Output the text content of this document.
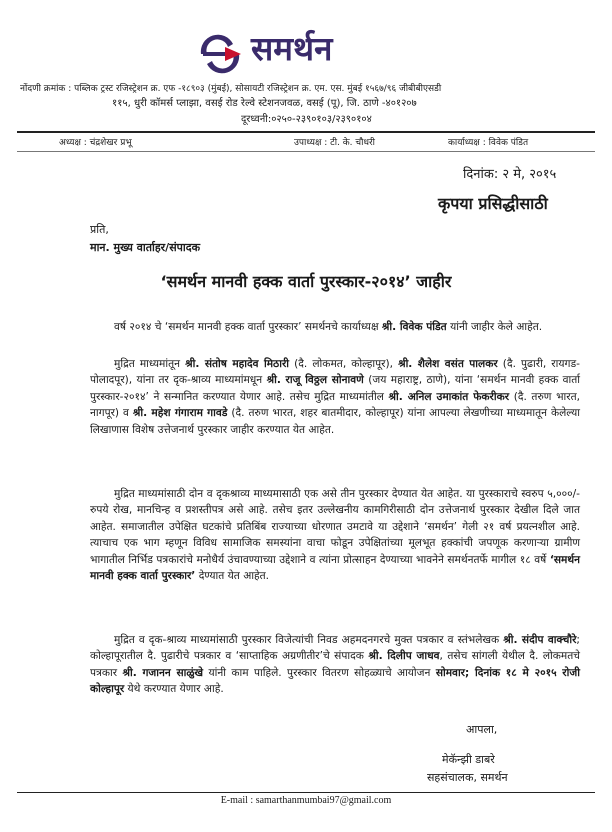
समर्थन
नोंदणी क्रमांक : पब्लिक ट्रस्ट रजिस्ट्रेशन क्र. एफ -१८९०३ (मुंबई), सोसायटी रजिस्ट्रेशन क्र. एम. एस. मुंबई १५६७/९६ जीबीबीएसडी
११५, धुरी कॉमर्स प्लाझा, वसई रोड रेल्वे स्टेशनजवळ, वसई (पू), जि. ठाणे -४०१२०७
दूरध्वनी:०२५०-२३९०१०३/२३९०१०४
अध्यक्ष : चंद्रशेखर प्रभू	उपाध्यक्ष : टी. के. चौधरी	कार्याध्यक्ष : विवेक पंडित
दिनांक: २ मे, २०१५
कृपया प्रसिद्धीसाठी
प्रति,
मान. मुख्य वार्ताहर/संपादक
‘समर्थन मानवी हक्क वार्ता पुरस्कार-२०१४’ जाहीर
वर्ष २०१४ चे ‘समर्थन मानवी हक्क वार्ता पुरस्कार’ समर्थनचे कार्याध्यक्ष श्री. विवेक पंडित यांनी जाहीर केले आहेत.
मुद्रित माध्यमांतून श्री. संतोष महादेव मिठारी (दै. लोकमत, कोल्हापूर), श्री. शैलेश वसंत पालकर (दै. पुढारी, रायगड-पोलादपूर), यांना तर दृक-श्राव्य माध्यमांमधून श्री. राजू विठ्ठल सोनावणे (जय महाराष्ट्र, ठाणे), यांना ‘समर्थन मानवी हक्क वार्ता पुरस्कार-२०१४’ ने सन्मानित करण्यात येणार आहे. तसेच मुद्रित माध्यमांतील श्री. अनिल उमाकांत फेकरीकर (दै. तरुण भारत, नागपूर) व श्री. महेश गंगाराम गावडे (दै. तरुण भारत, शहर बातमीदार, कोल्हापूर) यांना आपल्या लेखणीच्या माध्यमातून केलेल्या लिखाणास विशेष उत्तेजनार्थ पुरस्कार जाहीर करण्यात येत आहेत.
मुद्रित माध्यमांसाठी दोन व दृकश्राव्य माध्यमासाठी एक असे तीन पुरस्कार देण्यात येत आहेत. या पुरस्काराचे स्वरुप ५,०००/- रुपये रोख, मानचिन्ह व प्रशस्तीपत्र असे आहे. तसेच इतर उल्लेखनीय कामगिरीसाठी दोन उत्तेजनार्थ पुरस्कार देखील दिले जात आहेत. समाजातील उपेक्षित घटकांचे प्रतिबिंब राज्याच्या धोरणात उमटावे या उद्देशाने ‘समर्थन’ गेली २१ वर्ष प्रयत्नशील आहे. त्याचाच एक भाग म्हणून विविध सामाजिक समस्यांना वाचा फोडून उपेक्षितांच्या मूलभूत हक्कांची जपणूक करणाऱ्या ग्रामीण भागातील निर्भिड पत्रकारांचे मनोधैर्य उंचावण्याच्या उद्देशाने व त्यांना प्रोत्साहन देण्याच्या भावनेने समर्थनतर्फे मागील १८ वर्षे ‘समर्थन मानवी हक्क वार्ता पुरस्कार’ देण्यात येत आहेत.
मुद्रित व दृक-श्राव्य माध्यमांसाठी पुरस्कार विजेत्यांची निवड अहमदनगरचे मुक्त पत्रकार व स्तंभलेखक श्री. संदीप वाक्चौरे; कोल्हापूरातील दै. पुढारीचे पत्रकार व ‘साप्ताहिक अग्रणीतीर’चे संपादक श्री. दिलीप जाधव, तसेच सांगली येथील दै. लोकमतचे पत्रकार श्री. गजानन साळुंखे यांनी काम पाहिले. पुरस्कार वितरण सोहळ्याचे आयोजन सोमवार; दिनांक १८ मे २०१५ रोजी कोल्हापूर येथे करण्यात येणार आहे.
आपला,
मेकॅन्झी डाबरे
सहसंचालक, समर्थन
E-mail : samarthanmumbai97@gmail.com
